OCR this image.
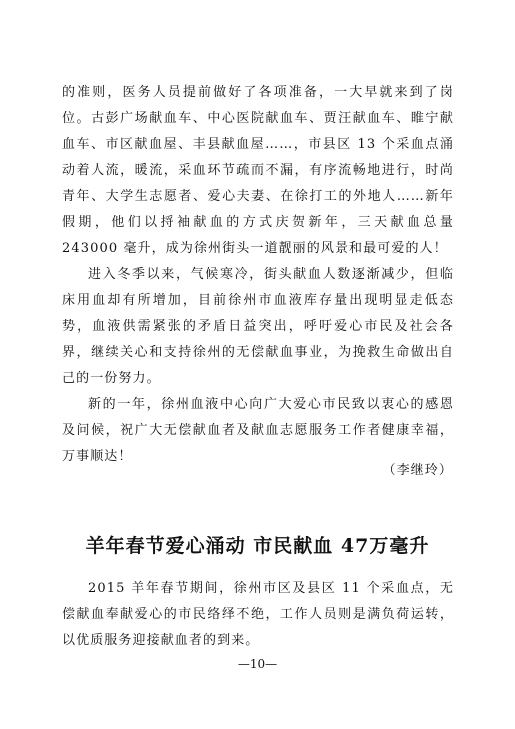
的准则，医务人员提前做好了各项准备，一大早就来到了岗位。古彭广场献血车、中心医院献血车、贾汪献血车、睢宁献血车、市区献血屋、丰县献血屋……，市县区 13 个采血点涌动着人流，暖流，采血环节疏而不漏，有序流畅地进行，时尚青年、大学生志愿者、爱心夫妻、在徐打工的外地人……新年假期，他们以捋袖献血的方式庆贺新年，三天献血总量 243000 毫升，成为徐州街头一道靓丽的风景和最可爱的人！

进入冬季以来，气候寒冷，街头献血人数逐渐减少，但临床用血却有所增加，目前徐州市血液库存量出现明显走低态势，血液供需紧张的矛盾日益突出，呼吁爱心市民及社会各界，继续关心和支持徐州的无偿献血事业，为挽救生命做出自己的一份努力。

新的一年，徐州血液中心向广大爱心市民致以衷心的感恩及问候，祝广大无偿献血者及献血志愿服务工作者健康幸福，万事顺达！

（李继玲）
羊年春节爱心涌动 市民献血 47万毫升

2015 羊年春节期间，徐州市区及县区 11 个采血点，无偿献血奉献爱心的市民络绎不绝，工作人员则是满负荷运转，以优质服务迎接献血者的到来。

—10—
